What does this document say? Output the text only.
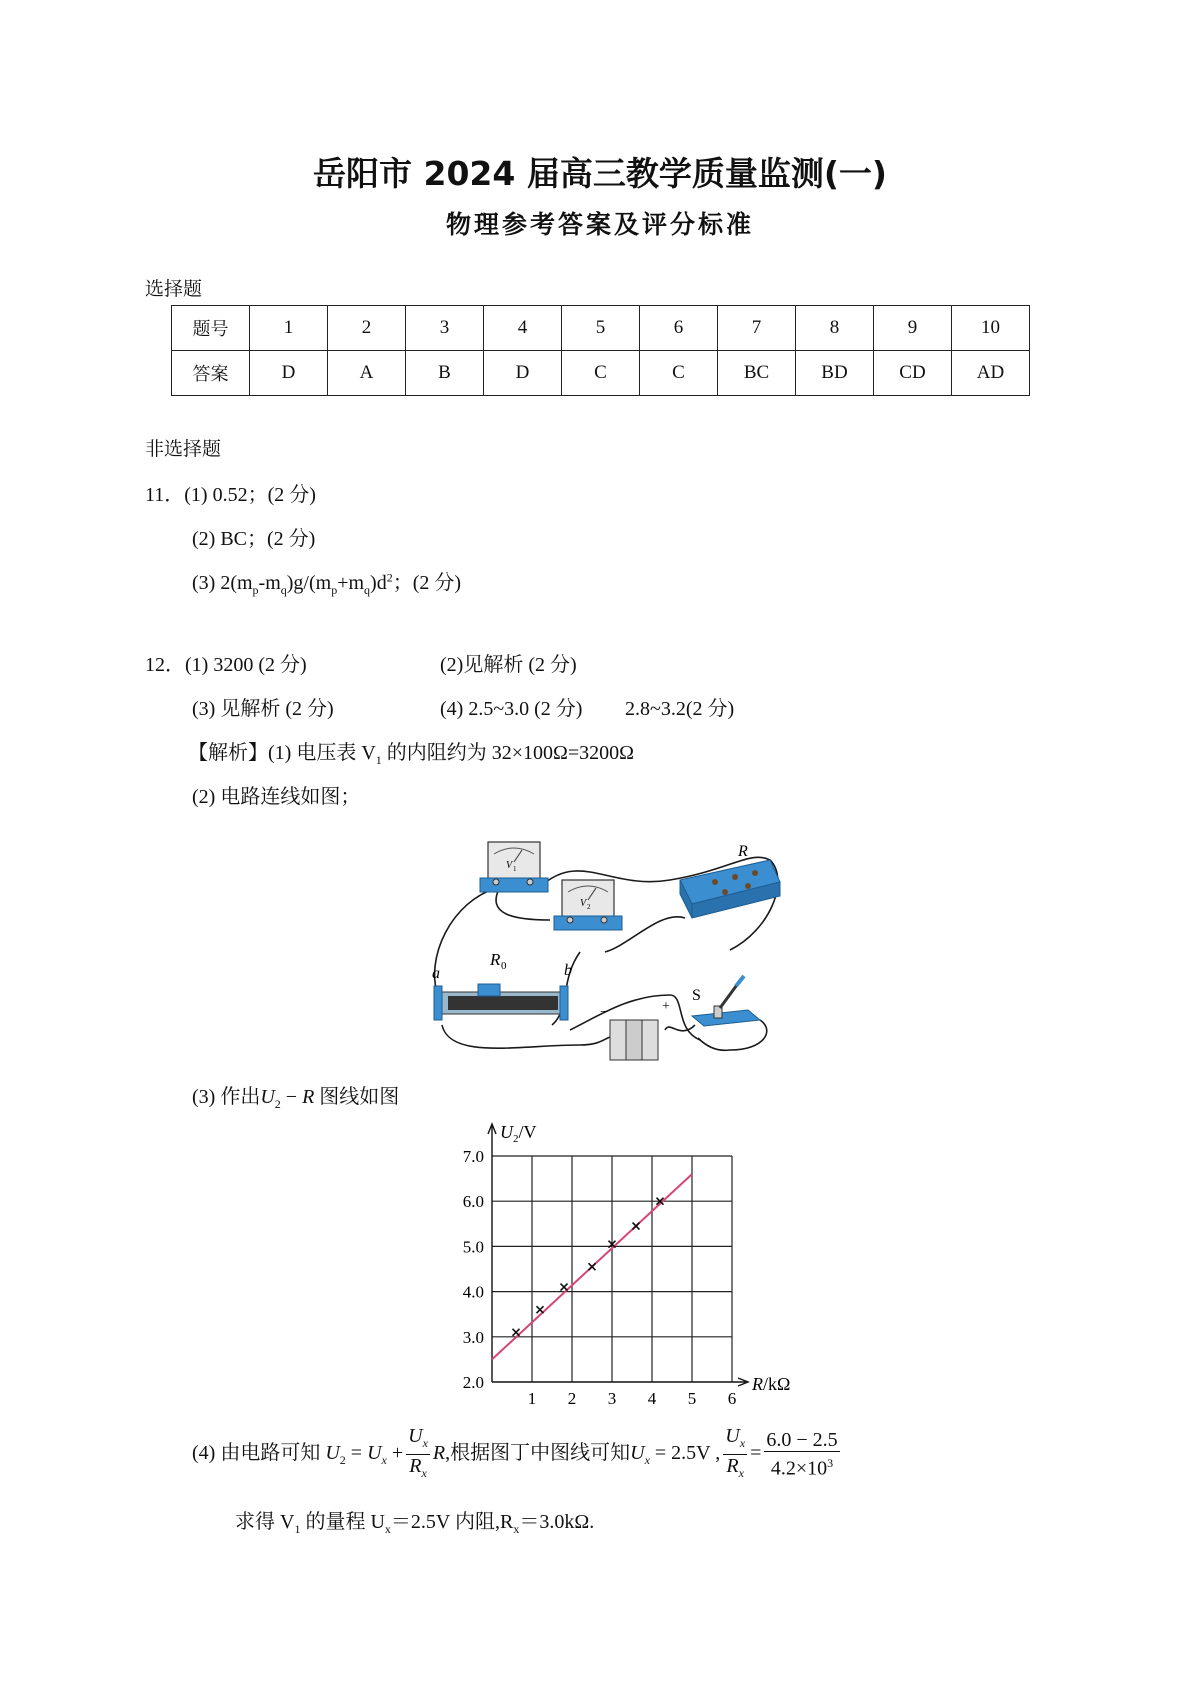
岳阳市 2024 届高三教学质量监测(一)
物理参考答案及评分标准
选择题
题号	1	2	3	4	5	6	7	8	9	10
答案	D	A	B	D	C	C	BC	BD	CD	AD
非选择题
11．(1) 0.52；(2 分)
(2) BC；(2 分)
(3) $2(m_p-m_q)g/(m_p+m_q)d^2$；(2 分)
12．(1) 3200 (2 分)	(2)见解析 (2 分)
(3) 见解析 (2 分)	(4) 2.5~3.0 (2 分) 2.8~3.2(2 分)
【解析】(1) 电压表 $V_1$ 的内阻约为 32×100Ω=3200Ω
(2) 电路连线如图；
V 1
V 2
R
R 0
a	b
−	+
S
(3) 作出$U_2 - R$ 图线如图
2.0
3.0
4.0
5.0
6.0
7.0
1 2 3 4 5 6
$U_2/V$
R/kΩ
(4) 由电路可知 $U_2 = U_x + \frac{U_x}{R_x} R$,根据图丁中图线可知$U_x = 2.5V$ , $\frac{U_x}{R_x} = \frac{6.0 - 2.5}{4.2\times 10^3}$
求得 $V_1$ 的量程 $U_x=2.5V$ 内阻$,R_x=3.0k\Omega$.
